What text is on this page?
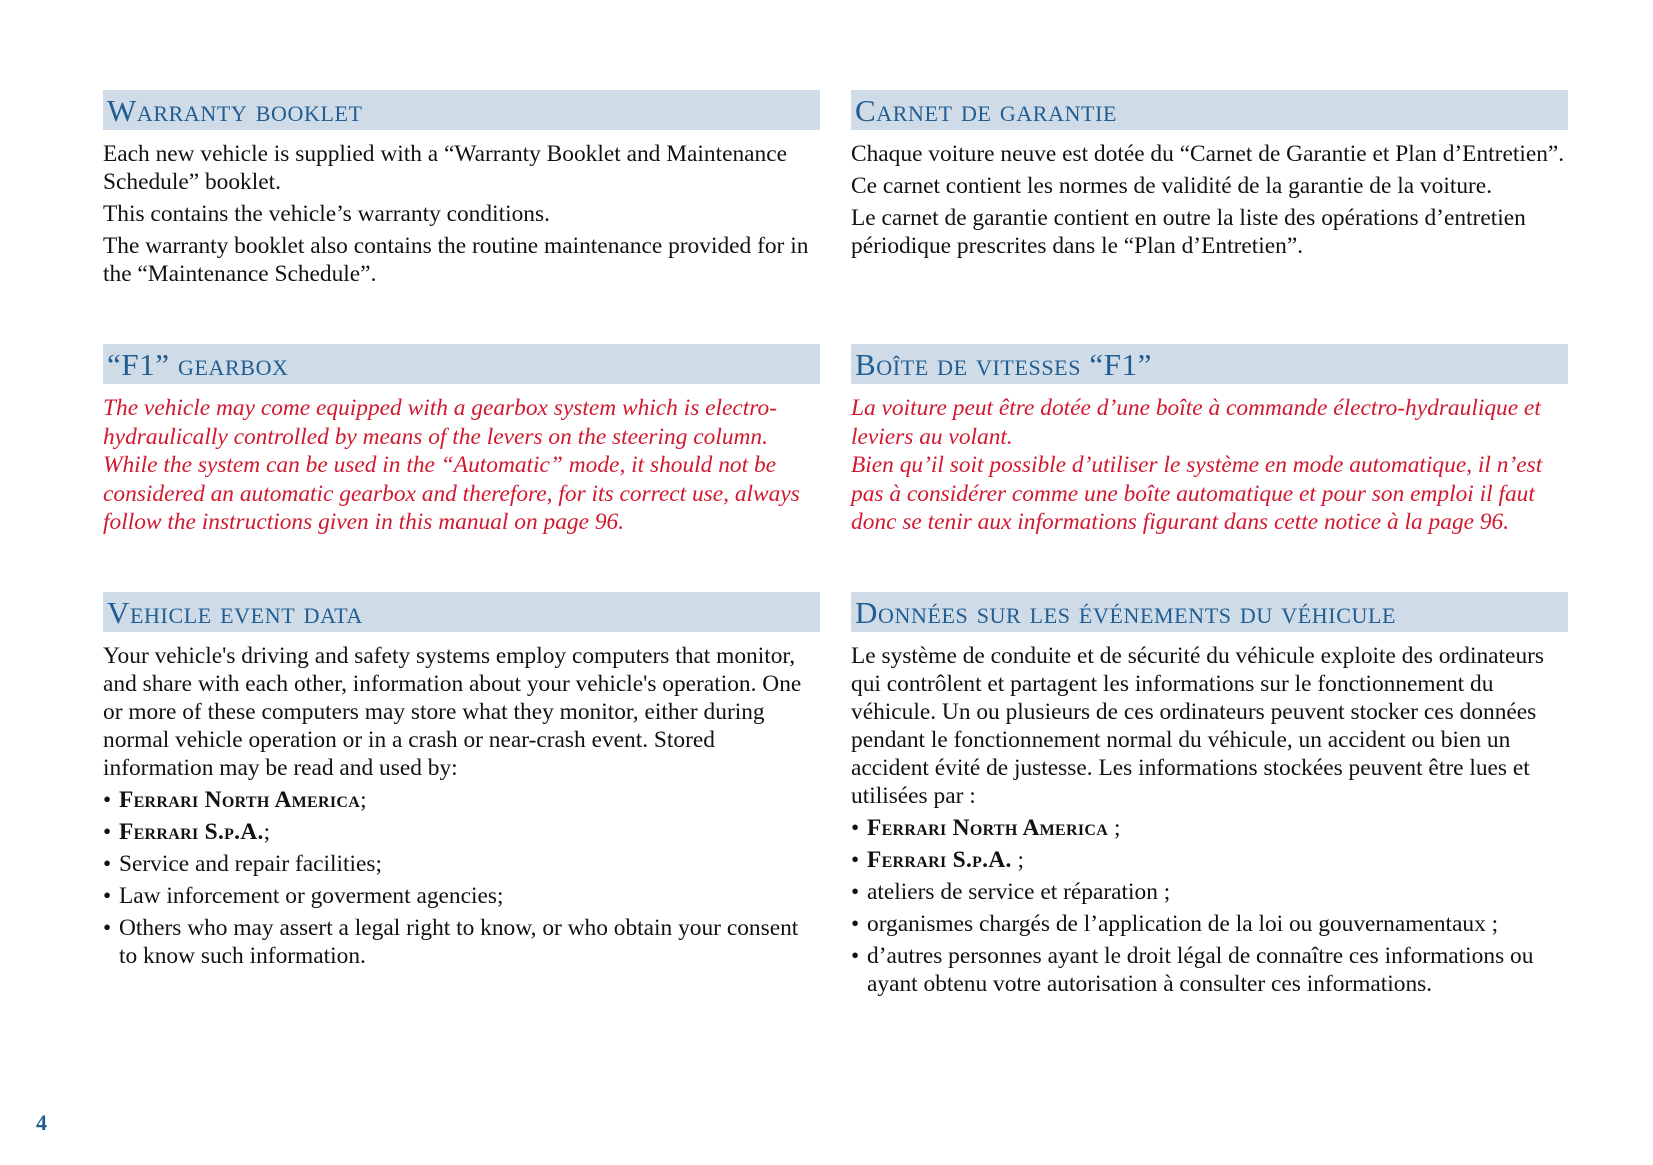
Warranty booklet

Each new vehicle is supplied with a “Warranty Booklet and Maintenance Schedule” booklet.

This contains the vehicle’s warranty conditions.

The warranty booklet also contains the routine maintenance provided for in the “Maintenance Schedule”.

“F1” gearbox

The vehicle may come equipped with a gearbox system which is electro-hydraulically controlled by means of the levers on the steering column.

While the system can be used in the “Automatic” mode, it should not be considered an automatic gearbox and therefore, for its correct use, always follow the instructions given in this manual on page 96.

Vehicle event data

Your vehicle's driving and safety systems employ computers that monitor, and share with each other, information about your vehicle's operation. One or more of these computers may store what they monitor, either during normal vehicle operation or in a crash or near-crash event. Stored information may be read and used by:

• Ferrari North America;
• Ferrari S.p.A.;
• Service and repair facilities;
• Law inforcement or goverment agencies;
• Others who may assert a legal right to know, or who obtain your consent to know such information.
Carnet de garantie

Chaque voiture neuve est dotée du “Carnet de Garantie et Plan d’Entretien”.

Ce carnet contient les normes de validité de la garantie de la voiture.

Le carnet de garantie contient en outre la liste des opérations d’entretien périodique prescrites dans le “Plan d’Entretien”.

Boîte de vitesses “F1”

La voiture peut être dotée d’une boîte à commande électro-hydraulique et leviers au volant.

Bien qu’il soit possible d’utiliser le système en mode automatique, il n’est pas à considérer comme une boîte automatique et pour son emploi il faut donc se tenir aux informations figurant dans cette notice à la page 96.

Données sur les événements du véhicule

Le système de conduite et de sécurité du véhicule exploite des ordinateurs qui contrôlent et partagent les informations sur le fonctionnement du véhicule. Un ou plusieurs de ces ordinateurs peuvent stocker ces données pendant le fonctionnement normal du véhicule, un accident ou bien un accident évité de justesse. Les informations stockées peuvent être lues et utilisées par :

• Ferrari North America ;
• Ferrari S.p.A. ;
• ateliers de service et réparation ;
• organismes chargés de l’application de la loi ou gouvernamentaux ;
• d’autres personnes ayant le droit légal de connaître ces informations ou ayant obtenu votre autorisation à consulter ces informations.
4
